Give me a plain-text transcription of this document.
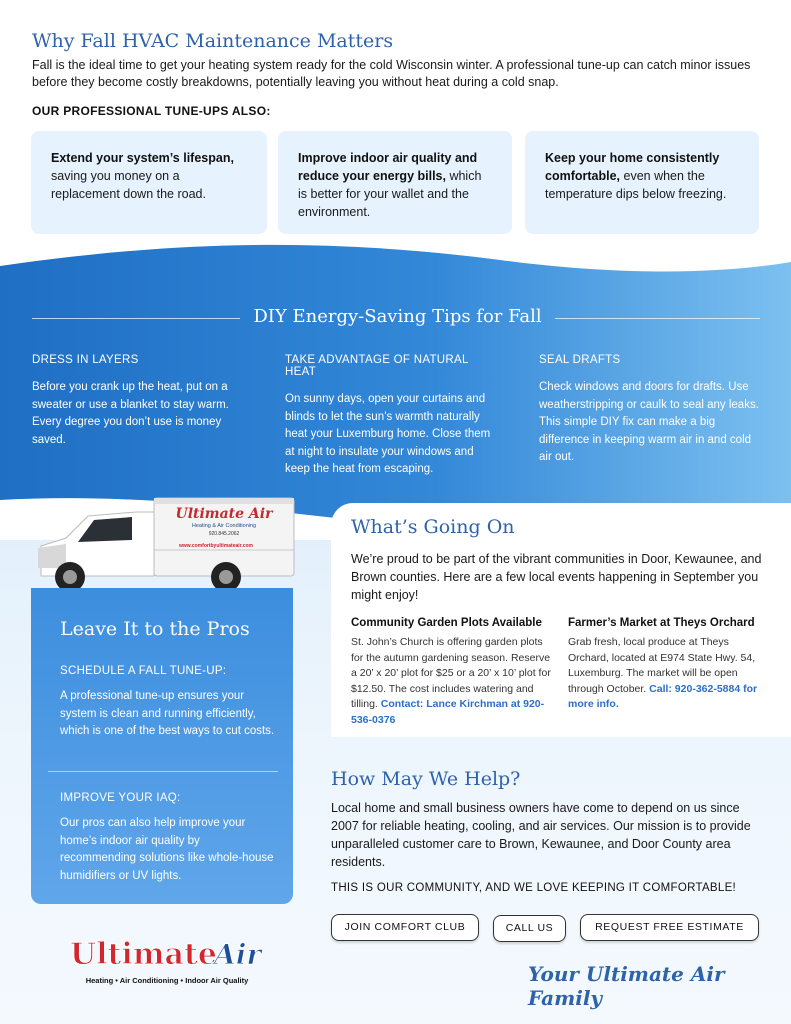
Why Fall HVAC Maintenance Matters
Fall is the ideal time to get your heating system ready for the cold Wisconsin winter. A professional tune-up can catch minor issues before they become costly breakdowns, potentially leaving you without heat during a cold snap.
OUR PROFESSIONAL TUNE-UPS ALSO:
Extend your system’s lifespan, saving you money on a replacement down the road.
Improve indoor air quality and reduce your energy bills, which is better for your wallet and the environment.
Keep your home consistently comfortable, even when the temperature dips below freezing.
DIY Energy-Saving Tips for Fall
DRESS IN LAYERS
Before you crank up the heat, put on a sweater or use a blanket to stay warm. Every degree you don’t use is money saved.
TAKE ADVANTAGE OF NATURAL HEAT
On sunny days, open your curtains and blinds to let the sun’s warmth naturally heat your Luxemburg home. Close them at night to insulate your windows and keep the heat from escaping.
SEAL DRAFTS
Check windows and doors for drafts. Use weatherstripping or caulk to seal any leaks. This simple DIY fix can make a big difference in keeping warm air in and cold air out.
Ultimate Air
Heating & Air Conditioning
920.845.2062
www.comfortbyultimateair.com
Leave It to the Pros
SCHEDULE A FALL TUNE-UP:
A professional tune-up ensures your system is clean and running efficiently, which is one of the best ways to cut costs.
IMPROVE YOUR IAQ:
Our pros can also help improve your home’s indoor air quality by recommending solutions like whole-house humidifiers or UV lights.
What’s Going On
We’re proud to be part of the vibrant communities in Door, Kewaunee, and Brown counties. Here are a few local events happening in September you might enjoy!
Community Garden Plots Available
St. John’s Church is offering garden plots for the autumn gardening season. Reserve a 20’ x 20’ plot for $25 or a 20’ x 10’ plot for $12.50. The cost includes watering and tilling. Contact: Lance Kirchman at 920-536-0376
Farmer’s Market at Theys Orchard
Grab fresh, local produce at Theys Orchard, located at E974 State Hwy. 54, Luxemburg. The market will be open through October. Call: 920-362-5884 for more info.
How May We Help?
Local home and small business owners have come to depend on us since 2007 for reliable heating, cooling, and air services. Our mission is to provide unparalleled customer care to Brown, Kewaunee, and Door County area residents.
THIS IS OUR COMMUNITY, AND WE LOVE KEEPING IT COMFORTABLE!
JOIN COMFORT CLUB	CALL US	REQUEST FREE ESTIMATE
Ultimate
Air
Heating • Air Conditioning • Indoor Air Quality	Your Ultimate Air Family
